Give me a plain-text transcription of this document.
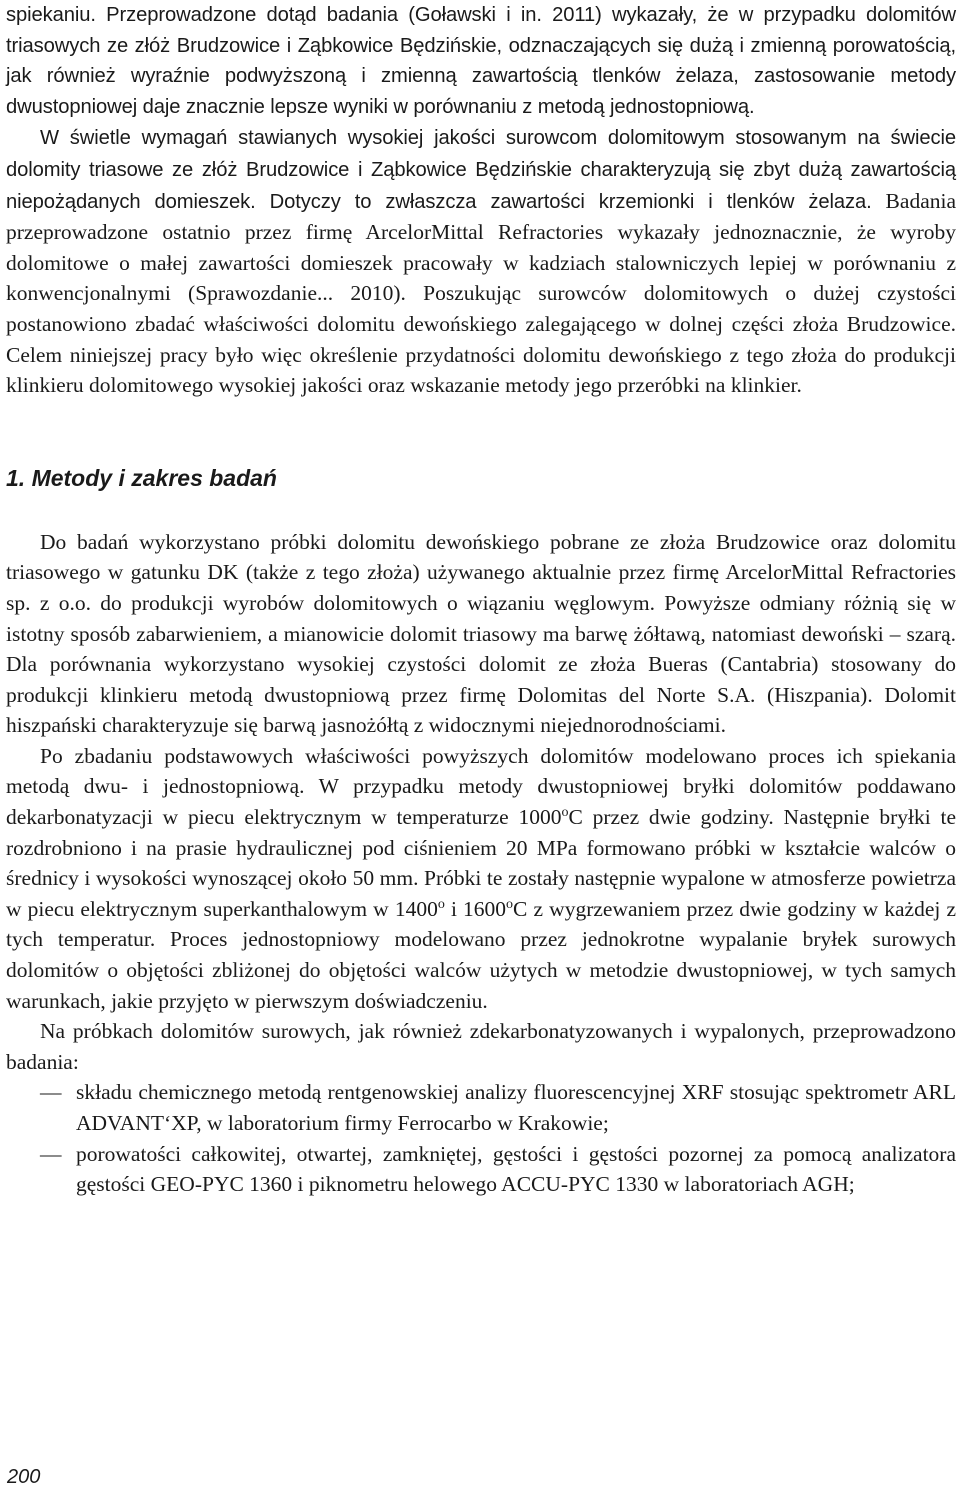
spiekaniu. Przeprowadzone dotąd badania (Goławski i in. 2011) wykazały, że w przypadku dolomitów triasowych ze złóż Brudzowice i Ząbkowice Będzińskie, odznaczających się dużą i zmienną porowatością, jak również wyraźnie podwyższoną i zmienną zawartością tlenków żelaza, zastosowanie metody dwustopniowej daje znacznie lepsze wyniki w porównaniu z metodą jednostopniową.

W świetle wymagań stawianych wysokiej jakości surowcom dolomitowym stosowanym na świecie dolomity triasowe ze złóż Brudzowice i Ząbkowice Będzińskie charakteryzują się zbyt dużą zawartością niepożądanych domieszek. Dotyczy to zwłaszcza zawartości krzemionki i tlenków żelaza. Badania przeprowadzone ostatnio przez firmę ArcelorMittal Refractories wykazały jednoznacznie, że wyroby dolomitowe o małej zawartości domieszek pracowały w kadziach stalowniczych lepiej w porównaniu z konwencjonalnymi (Sprawozdanie... 2010). Poszukując surowców dolomitowych o dużej czystości postanowiono zbadać właściwości dolomitu dewońskiego zalegającego w dolnej części złoża Brudzowice. Celem niniejszej pracy było więc określenie przydatności dolomitu dewońskiego z tego złoża do produkcji klinkieru dolomitowego wysokiej jakości oraz wskazanie metody jego przeróbki na klinkier.

1. Metody i zakres badań

Do badań wykorzystano próbki dolomitu dewońskiego pobrane ze złoża Brudzowice oraz dolomitu triasowego w gatunku DK (także z tego złoża) używanego aktualnie przez firmę ArcelorMittal Refractories sp. z o.o. do produkcji wyrobów dolomitowych o wiązaniu węglowym. Powyższe odmiany różnią się w istotny sposób zabarwieniem, a mianowicie dolomit triasowy ma barwę żółtawą, natomiast dewoński – szarą. Dla porównania wykorzystano wysokiej czystości dolomit ze złoża Bueras (Cantabria) stosowany do produkcji klinkieru metodą dwustopniową przez firmę Dolomitas del Norte S.A. (Hiszpania). Dolomit hiszpański charakteryzuje się barwą jasnożółtą z widocznymi niejednorodnościami.

Po zbadaniu podstawowych właściwości powyższych dolomitów modelowano proces ich spiekania metodą dwu- i jednostopniową. W przypadku metody dwustopniowej bryłki dolomitów poddawano dekarbonatyzacji w piecu elektrycznym w temperaturze 1000$^o$C przez dwie godziny. Następnie bryłki te rozdrobniono i na prasie hydraulicznej pod ciśnieniem 20 MPa formowano próbki w kształcie walców o średnicy i wysokości wynoszącej około 50 mm. Próbki te zostały następnie wypalone w atmosferze powietrza w piecu elektrycznym superkanthalowym w 1400$^o$ i 1600$^o$C z wygrzewaniem przez dwie godziny w każdej z tych temperatur. Proces jednostopniowy modelowano przez jednokrotne wypalanie bryłek surowych dolomitów o objętości zbliżonej do objętości walców użytych w metodzie dwustopniowej, w tych samych warunkach, jakie przyjęto w pierwszym doświadczeniu.

Na próbkach dolomitów surowych, jak również zdekarbonatyzowanych i wypalonych, przeprowadzono badania:

— składu chemicznego metodą rentgenowskiej analizy fluorescencyjnej XRF stosując spektrometr ARL ADVANT‘XP, w laboratorium firmy Ferrocarbo w Krakowie;
— porowatości całkowitej, otwartej, zamkniętej, gęstości i gęstości pozornej za pomocą analizatora gęstości GEO-PYC 1360 i piknometru helowego ACCU-PYC 1330 w laboratoriach AGH;
200
